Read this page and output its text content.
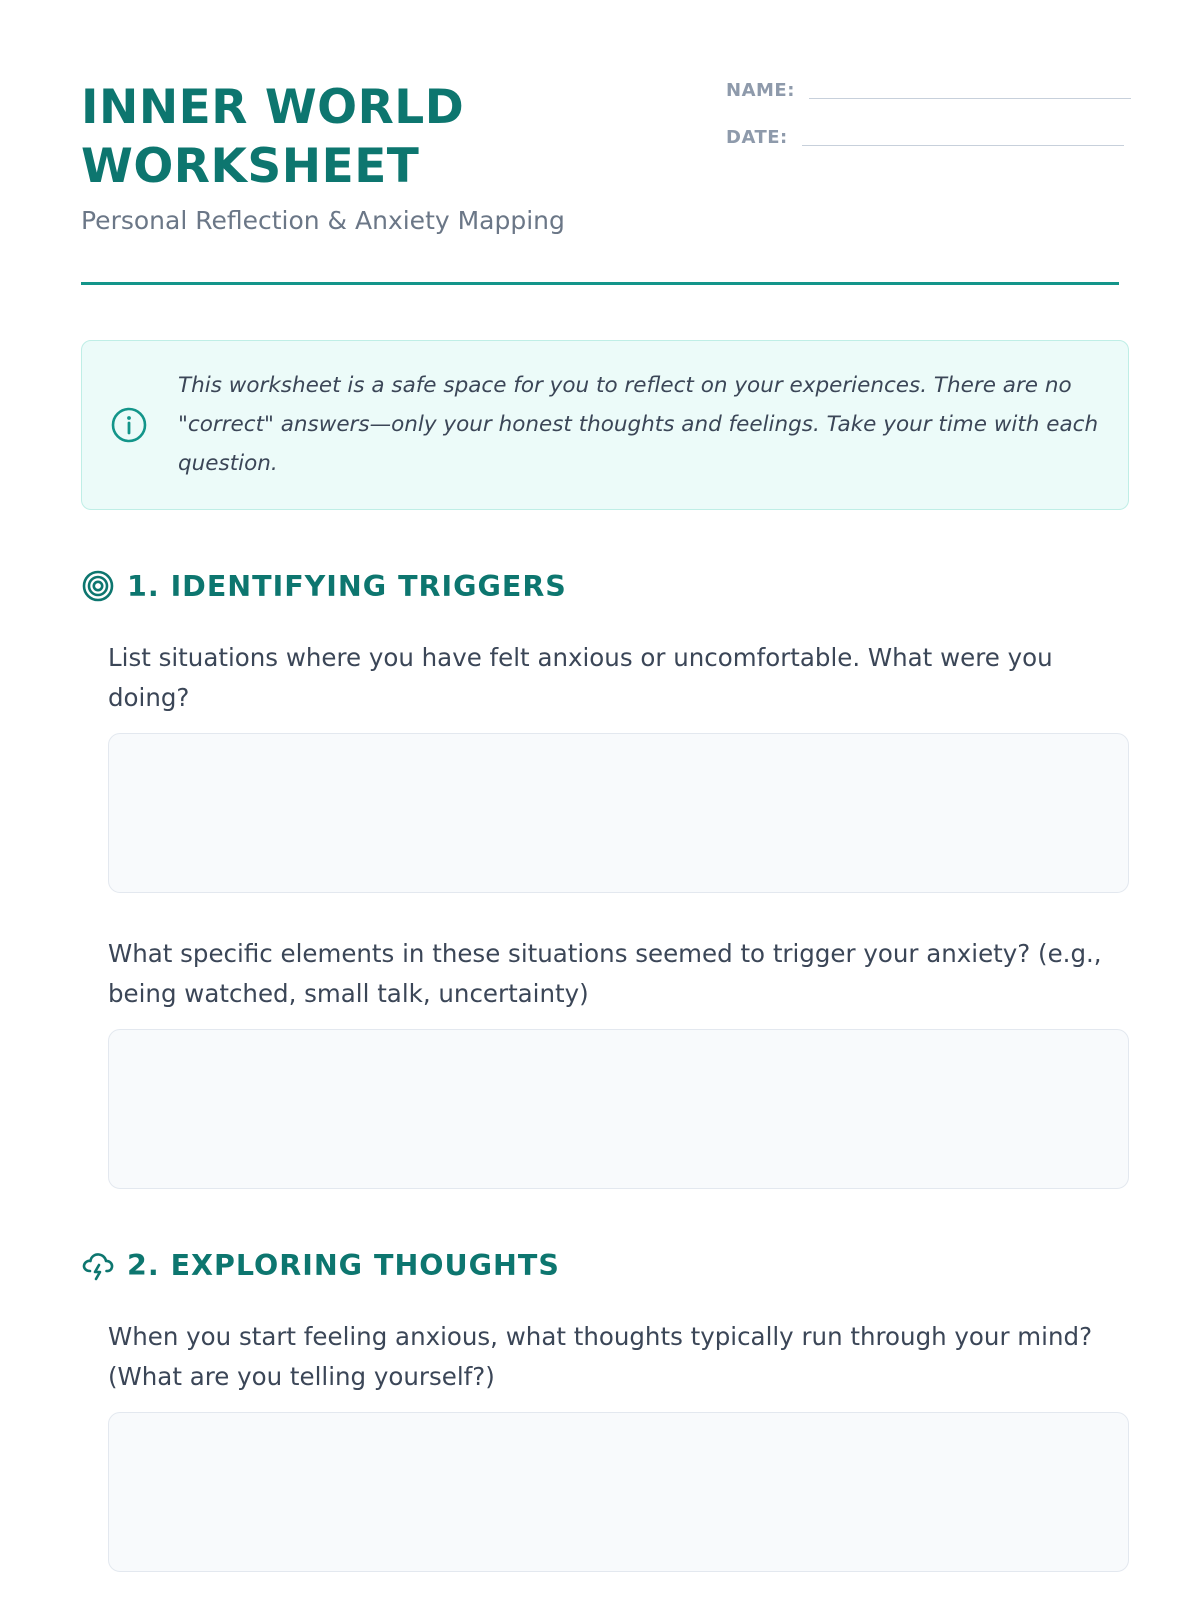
INNER WORLD WORKSHEET
Personal Reflection & Anxiety Mapping
NAME:
DATE:

This worksheet is a safe space for you to reflect on your experiences. There are no "correct" answers—only your honest thoughts and feelings. Take your time with each question.

1. IDENTIFYING TRIGGERS

List situations where you have felt anxious or uncomfortable. What were you doing?

What specific elements in these situations seemed to trigger your anxiety? (e.g., being watched, small talk, uncertainty)

2. EXPLORING THOUGHTS

When you start feeling anxious, what thoughts typically run through your mind? (What are you telling yourself?)
